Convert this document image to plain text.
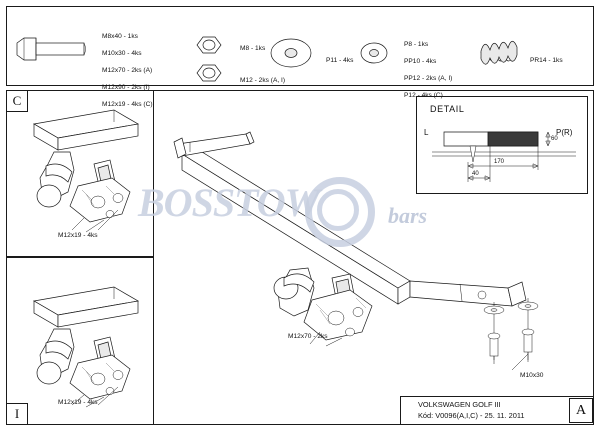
M8x40 - 1ks

M10x30 - 4ks

M12x70 - 2ks (A)

M12x90 - 2ks (I)

M12x19 - 4ks (C)

M8 - 1ks

M12 - 2ks (A, I)

P11 - 4ks

P8 - 1ks

PP10 - 4ks

PP12 - 2ks (A, I)

P12 - 4ks (C)

PR14 - 1ks

C
I
M12x19 - 4ks
M12x19 - 4ks
M12x70 - 2ks
M10x30
DETAIL
L	P(R)
170
40
60
BOSSTOW	bars
VOLKSWAGEN GOLF III
Kód: V0096(A,I,C) - 25. 11. 2011	A
